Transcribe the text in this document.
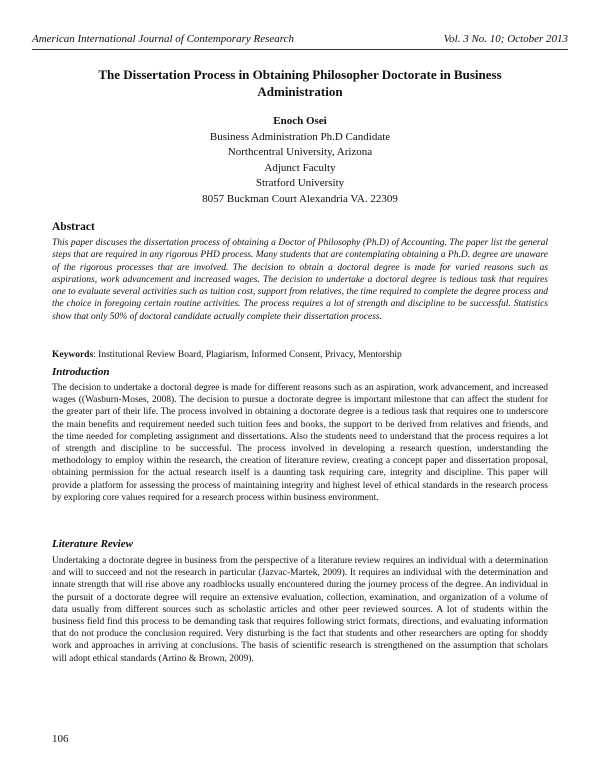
American International Journal of Contemporary Research	Vol. 3 No. 10; October 2013
The Dissertation Process in Obtaining Philosopher Doctorate in Business Administration
Enoch Osei
Business Administration Ph.D Candidate
Northcentral University, Arizona
Adjunct Faculty
Stratford University
8057 Buckman Court Alexandria VA. 22309
Abstract
This paper discuses the dissertation process of obtaining a Doctor of Philosophy (Ph.D) of Accounting. The paper list the general steps that are required in any rigorous PHD process. Many students that are contemplating obtaining a Ph.D. degree are unaware of the rigorous processes that are involved. The decision to obtain a doctoral degree is made for varied reasons such as aspirations, work advancement and increased wages. The decision to undertake a doctoral degree is tedious task that requires one to evaluate several activities such as tuition cost, support from relatives, the time required to complete the degree process and the choice in foregoing certain routine activities. The process requires a lot of strength and discipline to be successful. Statistics show that only 50% of doctoral candidate actually complete their dissertation process.
Keywords: Institutional Review Board, Plagiarism, Informed Consent, Privacy, Mentorship
Introduction
The decision to undertake a doctoral degree is made for different reasons such as an aspiration, work advancement, and increased wages ((Wasburn-Moses, 2008). The decision to pursue a doctorate degree is important milestone that can affect the student for the greater part of their life. The process involved in obtaining a doctorate degree is a tedious task that requires one to underscore the main benefits and requirement needed such tuition fees and books, the support to be derived from relatives and friends, and the time needed for completing assignment and dissertations. Also the students need to understand that the process requires a lot of strength and discipline to be successful. The process involved in developing a research question, understanding the methodology to employ within the research, the creation of literature review, creating a concept paper and dissertation proposal, obtaining permission for the actual research itself is a daunting task requiring care, integrity and discipline. This paper will provide a platform for assessing the process of maintaining integrity and highest level of ethical standards in the research process by exploring core values required for a research process within business environment.
Literature Review
Undertaking a doctorate degree in business from the perspective of a literature review requires an individual with a determination and will to succeed and not the research in particular (Jazvac-Martek, 2009). It requires an individual with the determination and innate strength that will rise above any roadblocks usually encountered during the journey process of the degree. An individual in the pursuit of a doctorate degree will require an extensive evaluation, collection, examination, and organization of a volume of data usually from different sources such as scholastic articles and other peer reviewed sources. A lot of students within the business field find this process to be demanding task that requires following strict formats, directions, and evaluating information that do not produce the conclusion required. Very disturbing is the fact that students and other researchers are opting for shoddy work and approaches in arriving at conclusions. The basis of scientific research is strengthened on the assumption that scholars will adopt ethical standards (Artino & Brown, 2009).
106
